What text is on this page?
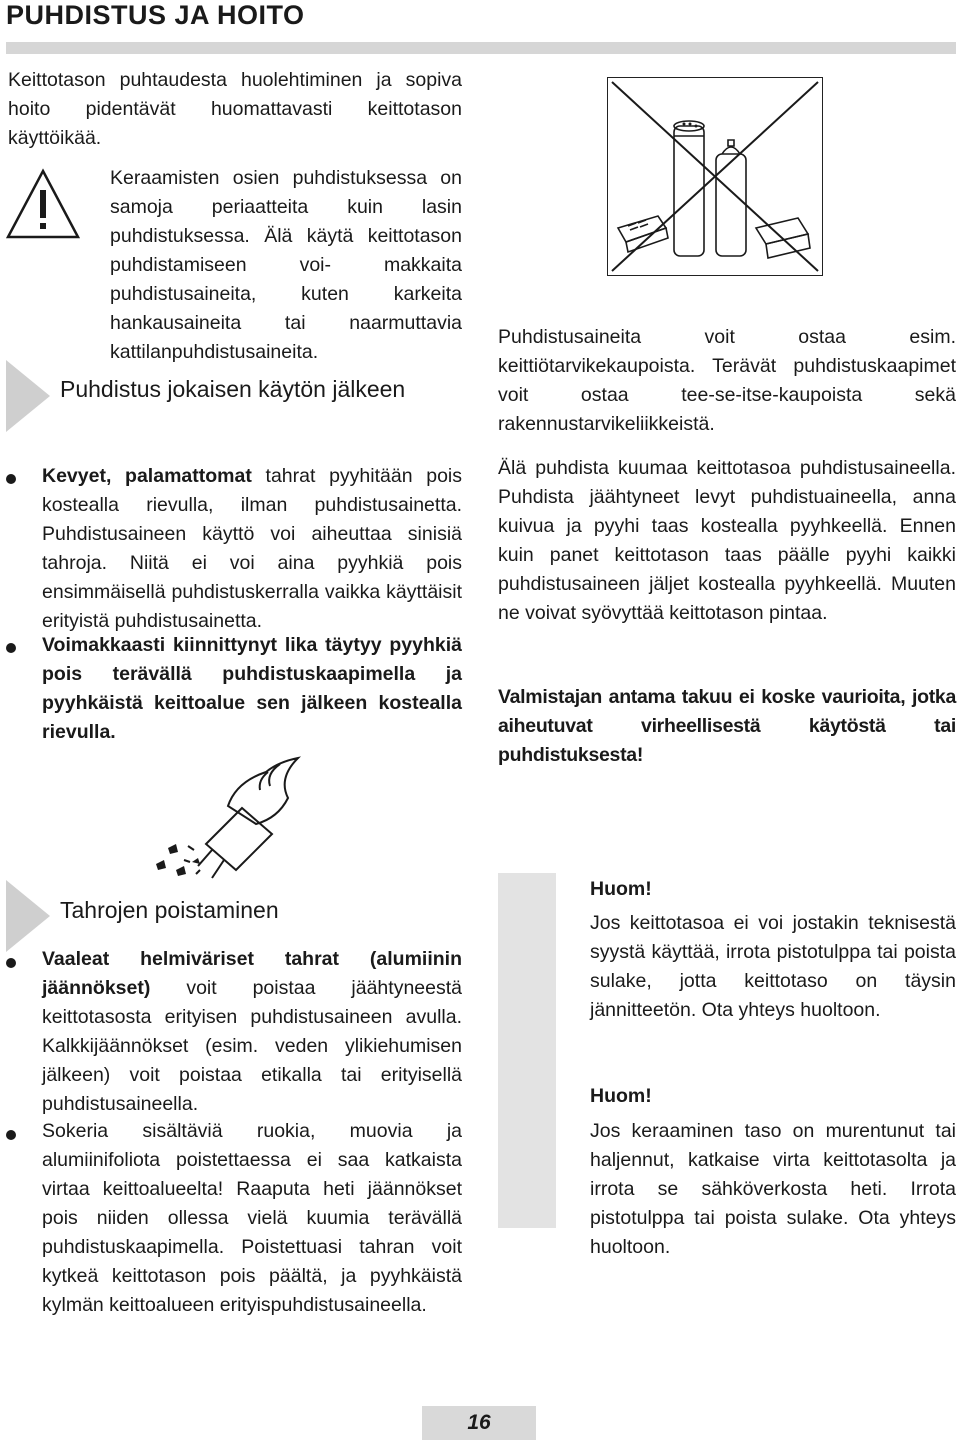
PUHDISTUS JA HOITO
Keittotason puhtaudesta huolehtiminen ja sopiva hoito pidentävät huomattavasti keittotason käyttöikää.
Keraamisten osien puhdistuksessa on samoja periaatteita kuin lasin puhdistuksessa. Älä käytä keittotason puhdistamiseen voi- makkaita puhdistusaineita, kuten karkeita hankausaineita tai naarmuttavia kattilanpuhdistusaineita.
Puhdistus jokaisen käytön jälkeen
Kevyet, palamattomat tahrat pyyhitään pois kostealla rievulla, ilman puhdistusainetta. Puhdistusaineen käyttö voi aiheuttaa sinisiä tahroja. Niitä ei voi aina pyyhkiä pois ensimmäisellä puhdistuskerralla vaikka käyttäisit erityistä puhdistusainetta.
Voimakkaasti kiinnittynyt lika täytyy pyyhkiä pois terävällä puhdistuskaapimella ja pyyhkäistä keittoalue sen jälkeen kostealla rievulla.
Tahrojen poistaminen
Vaaleat helmiväriset tahrat (alumiinin jäännökset) voit poistaa jäähtyneestä keittotasosta erityisen puhdistusaineen avulla. Kalkkijäännökset (esim. veden ylikiehumisen jälkeen) voit poistaa etikalla tai erityisellä puhdistusaineella.
Sokeria sisältäviä ruokia, muovia ja alumiinifoliota poistettaessa ei saa katkaista virtaa keittoalueelta! Raaputa heti jäännökset pois niiden ollessa vielä kuumia terävällä puhdistuskaapimella. Poistettuasi tahran voit kytkeä keittotason pois päältä, ja pyyhkäistä kylmän keittoalueen erityispuhdistusaineella.
Puhdistusaineita voit ostaa esim. keittiötarvikekaupoista. Terävät puhdistuskaapimet voit ostaa tee-se-itse-kaupoista sekä rakennustarvikeliikkeistä.
Älä puhdista kuumaa keittotasoa puhdistusaineella. Puhdista jäähtyneet levyt puhdistuaineella, anna kuivua ja pyyhi taas kostealla pyyhkeellä. Ennen kuin panet keittotason taas päälle pyyhi kaikki puhdistusaineen jäljet kostealla pyyhkeellä. Muuten ne voivat syövyttää keittotason pintaa.
Valmistajan antama takuu ei koske vaurioita, jotka aiheutuvat virheellisestä käytöstä tai puhdistuksesta!
Huom!
Jos keittotasoa ei voi jostakin teknisestä syystä käyttää, irrota pistotulppa tai poista sulake, jotta keittotaso on täysin jännitteetön. Ota yhteys huoltoon.
Huom!
Jos keraaminen taso on murentunut tai haljennut, katkaise virta keittotasolta ja irrota se sähköverkosta heti. Irrota pistotulppa tai poista sulake. Ota yhteys huoltoon.
16
